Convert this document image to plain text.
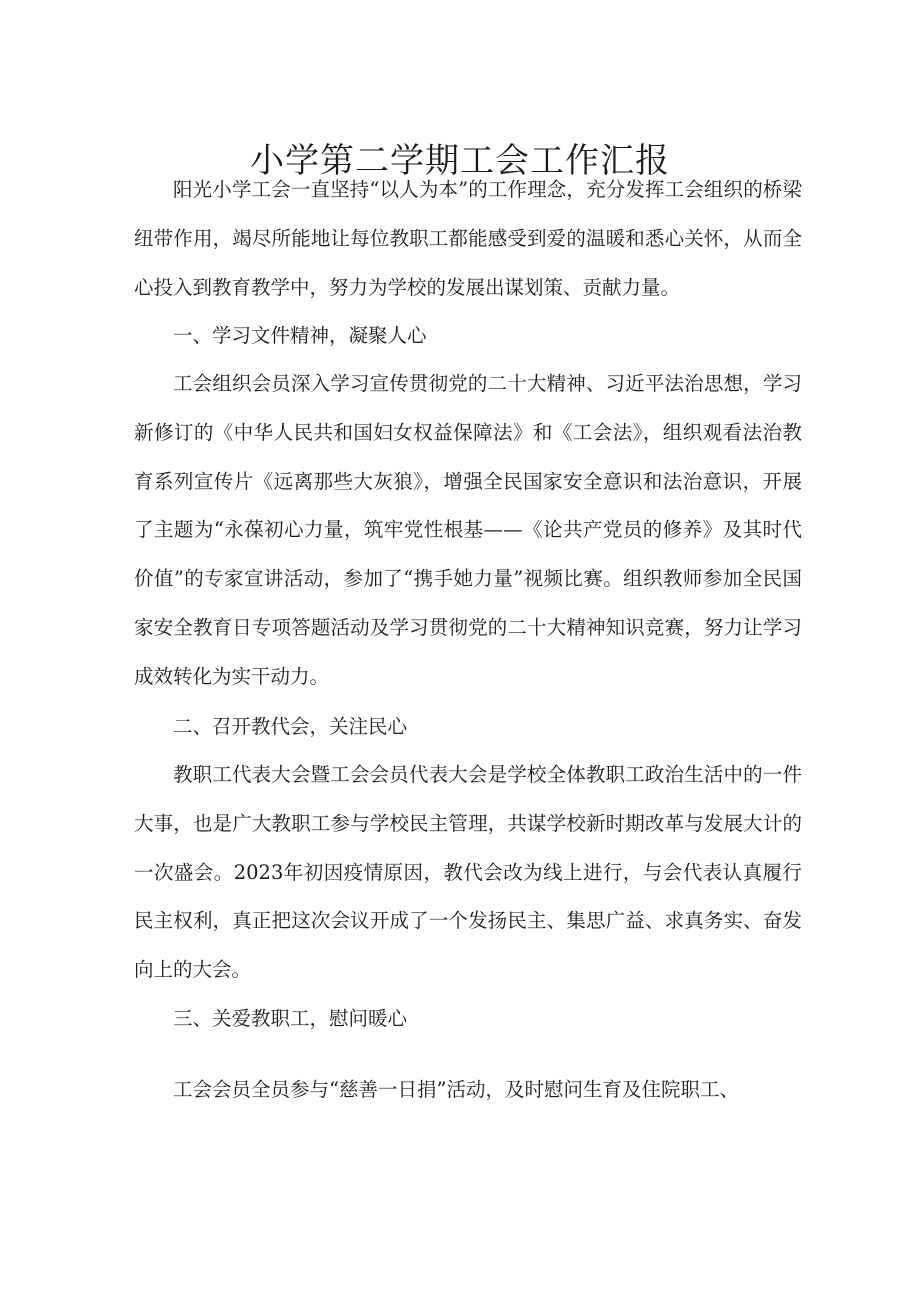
小学第二学期工会工作汇报

阳光小学工会一直坚持“以人为本”的工作理念，充分发挥工会组织的桥梁纽带作用，竭尽所能地让每位教职工都能感受到爱的温暖和悉心关怀，从而全心投入到教育教学中，努力为学校的发展出谋划策、贡献力量。

一、学习文件精神，凝聚人心

工会组织会员深入学习宣传贯彻党的二十大精神、习近平法治思想，学习新修订的《中华人民共和国妇女权益保障法》和《工会法》，组织观看法治教育系列宣传片《远离那些大灰狼》，增强全民国家安全意识和法治意识，开展了主题为“永葆初心力量，筑牢党性根基——《论共产党员的修养》及其时代价值”的专家宣讲活动，参加了“携手她力量”视频比赛。组织教师参加全民国家安全教育日专项答题活动及学习贯彻党的二十大精神知识竞赛，努力让学习成效转化为实干动力。

二、召开教代会，关注民心

教职工代表大会暨工会会员代表大会是学校全体教职工政治生活中的一件大事，也是广大教职工参与学校民主管理，共谋学校新时期改革与发展大计的一次盛会。2023年初因疫情原因，教代会改为线上进行，与会代表认真履行民主权利，真正把这次会议开成了一个发扬民主、集思广益、求真务实、奋发向上的大会。

三、关爱教职工，慰问暖心

工会会员全员参与“慈善一日捐”活动，及时慰问生育及住院职工、
